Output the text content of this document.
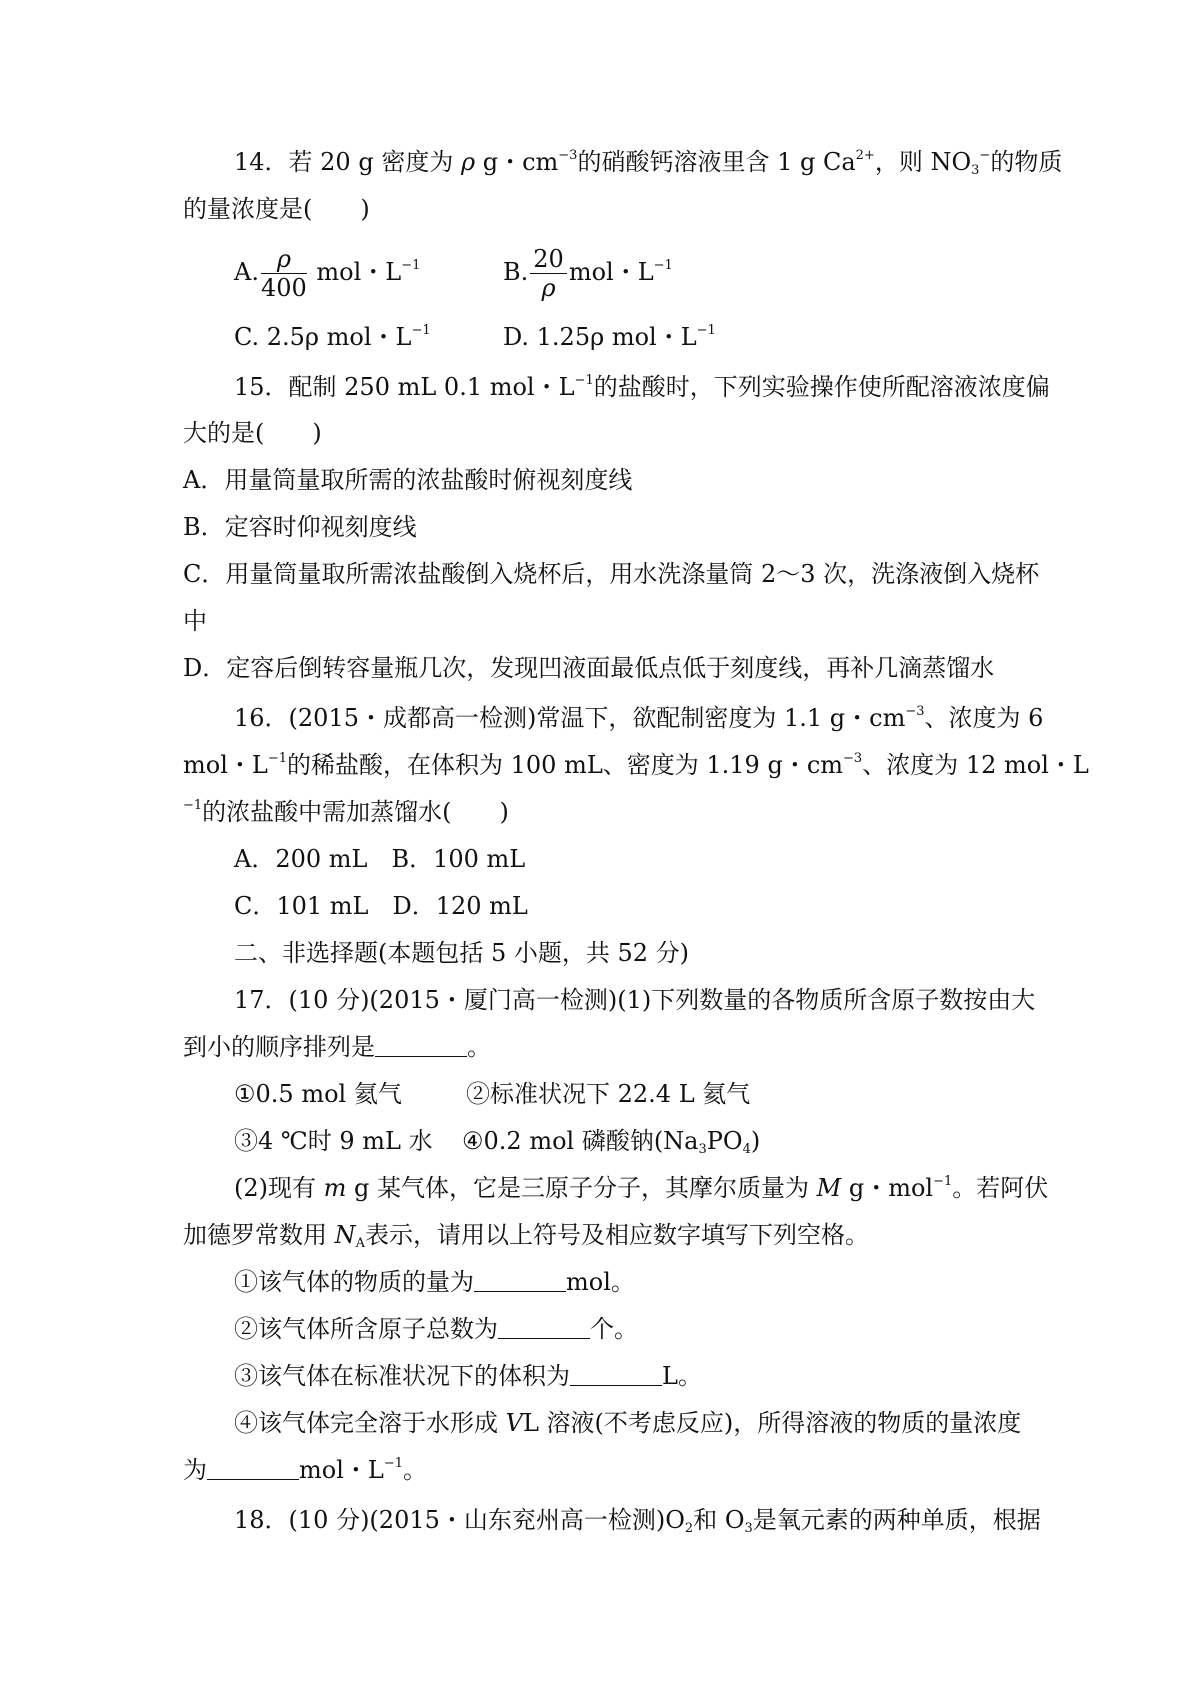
14．若 20 g 密度为 ρ g・$cm^{-3}$的硝酸钙溶液里含 1 g $Ca^{2+}$，则 $NO_3^-$的物质
的量浓度是(　　)
A. $\frac{\rho}{400}$ mol・$L^{-1}$	B. $\frac{20}{\rho}$ mol・$L^{-1}$
C. 2.5ρ mol・$L^{-1}$	D. 1.25ρ mol・$L^{-1}$
15．配制 250 mL 0.1 mol・$L^{-1}$的盐酸时，下列实验操作使所配溶液浓度偏
大的是(　　)
A．用量筒量取所需的浓盐酸时俯视刻度线
B．定容时仰视刻度线
C．用量筒量取所需浓盐酸倒入烧杯后，用水洗涤量筒 2～3 次，洗涤液倒入烧杯
中
D．定容后倒转容量瓶几次，发现凹液面最低点低于刻度线，再补几滴蒸馏水
16．(2015・成都高一检测)常温下，欲配制密度为 1.1 g・$cm^{-3}$、浓度为 6
mol・$L^{-1}$的稀盐酸，在体积为 100 mL、密度为 1.19 g・$cm^{-3}$、浓度为 12 mol・L
$^{-1}$的浓盐酸中需加蒸馏水(　　)
A．200 mL　B．100 mL
C．101 mL　D．120 mL
二、非选择题(本题包括 5 小题，共 52 分)
17．(10 分)(2015・厦门高一检测)(1)下列数量的各物质所含原子数按由大
到小的顺序排列是	。
①0.5 mol 氦气	②标准状况下 22.4 L 氦气
③4 ℃时 9 mL 水 ④0.2 mol 磷酸钠$(Na_3PO_4)$
(2)现有 m g 某气体，它是三原子分子，其摩尔质量为 M g・mol$^{-1}$。若阿伏
加德罗常数用 $N_A$表示，请用以上符号及相应数字填写下列空格。
①该气体的物质的量为	mol。
②该气体所含原子总数为	个。
③该气体在标准状况下的体积为	L。
④该气体完全溶于水形成 VL 溶液(不考虑反应)，所得溶液的物质的量浓度
为	mol・$L^{-1}$。
18．(10 分)(2015・山东兖州高一检测)$O_2$和 $O_3$是氧元素的两种单质，根据
